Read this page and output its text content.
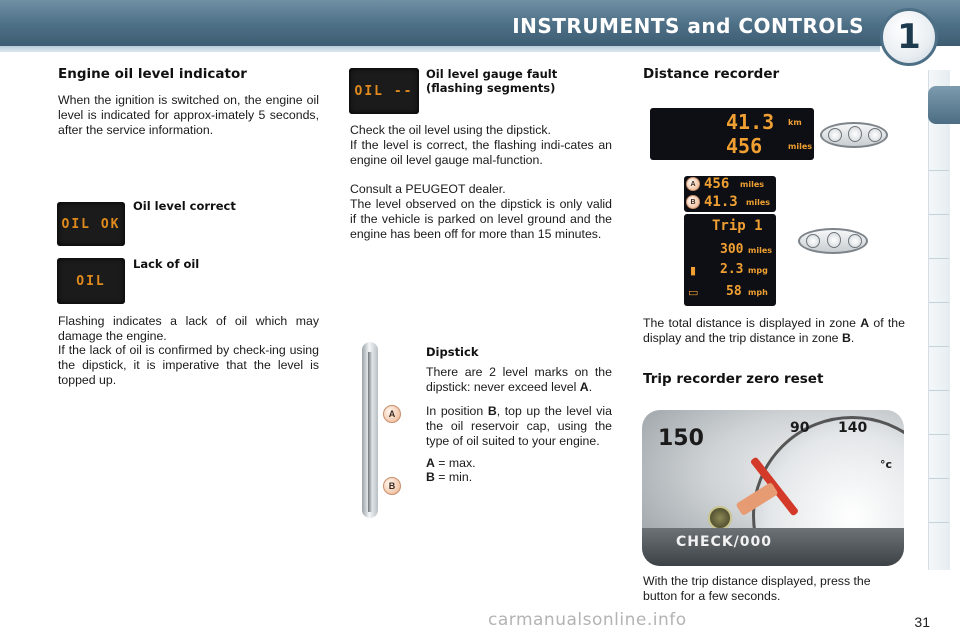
INSTRUMENTS and CONTROLS 1
Engine oil level indicator

When the ignition is switched on, the engine oil level is indicated for approx-imately 5 seconds, after the service information.

OIL OK
Oil level correct
OIL
Lack of oil

Flashing indicates a lack of oil which may damage the engine.

If the lack of oil is confirmed by check-ing using the dipstick, it is imperative that the level is topped up.

OIL --
Oil level gauge fault (flashing segments)

Check the oil level using the dipstick.

If the level is correct, the flashing indi-cates an engine oil level gauge mal-function.

Consult a PEUGEOT dealer.

The level observed on the dipstick is only valid if the vehicle is parked on level ground and the engine has been off for more than 15 minutes.

A
B
Dipstick

There are 2 level marks on the dipstick: never exceed level A.

In position B, top up the level via the oil reservoir cap, using the type of oil suited to your engine.

A = max.

B = min.

Distance recorder
41.3 km
456	miles
A 456 miles
B 41.3 miles
Trip 1
300 miles
▮ 2.3 mpg
▭ 58 mph

The total distance is displayed in zone A of the display and the trip distance in zone B.

Trip recorder zero reset
150	90 140
°c
CHECK/000

With the trip distance displayed, press the button for a few seconds.

carmanualsonline.info	31
